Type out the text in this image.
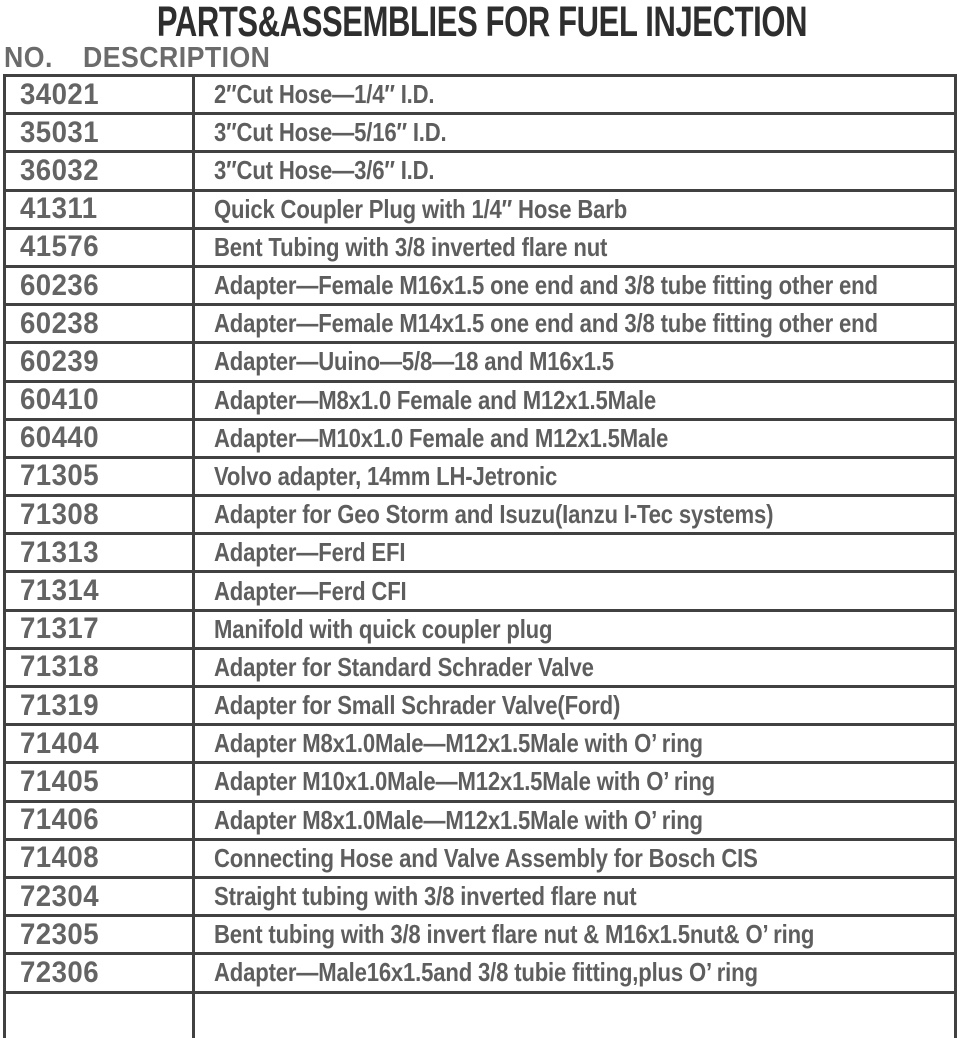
PARTS&ASSEMBLIES FOR FUEL INJECTION
NO. DESCRIPTION
34021	2″Cut Hose—1/4″ I.D.
35031	3″Cut Hose—5/16″ I.D.
36032	3″Cut Hose—3/6″ I.D.
41311	Quick Coupler Plug with 1/4″ Hose Barb
41576	Bent Tubing with 3/8 inverted flare nut
60236	Adapter—Female M16x1.5 one end and 3/8 tube fitting other end
60238	Adapter—Female M14x1.5 one end and 3/8 tube fitting other end
60239	Adapter—Uuino—5/8—18 and M16x1.5
60410	Adapter—M8x1.0 Female and M12x1.5Male
60440	Adapter—M10x1.0 Female and M12x1.5Male
71305	Volvo adapter, 14mm LH-Jetronic
71308	Adapter for Geo Storm and Isuzu(Ianzu I-Tec systems)
71313	Adapter—Ferd EFI
71314	Adapter—Ferd CFI
71317	Manifold with quick coupler plug
71318	Adapter for Standard Schrader Valve
71319	Adapter for Small Schrader Valve(Ford)
71404	Adapter M8x1.0Male—M12x1.5Male with O’ ring
71405	Adapter M10x1.0Male—M12x1.5Male with O’ ring
71406	Adapter M8x1.0Male—M12x1.5Male with O’ ring
71408	Connecting Hose and Valve Assembly for Bosch CIS
72304	Straight tubing with 3/8 inverted flare nut
72305	Bent tubing with 3/8 invert flare nut & M16x1.5nut& O’ ring
72306	Adapter—Male16x1.5and 3/8 tubie fitting,plus O’ ring
